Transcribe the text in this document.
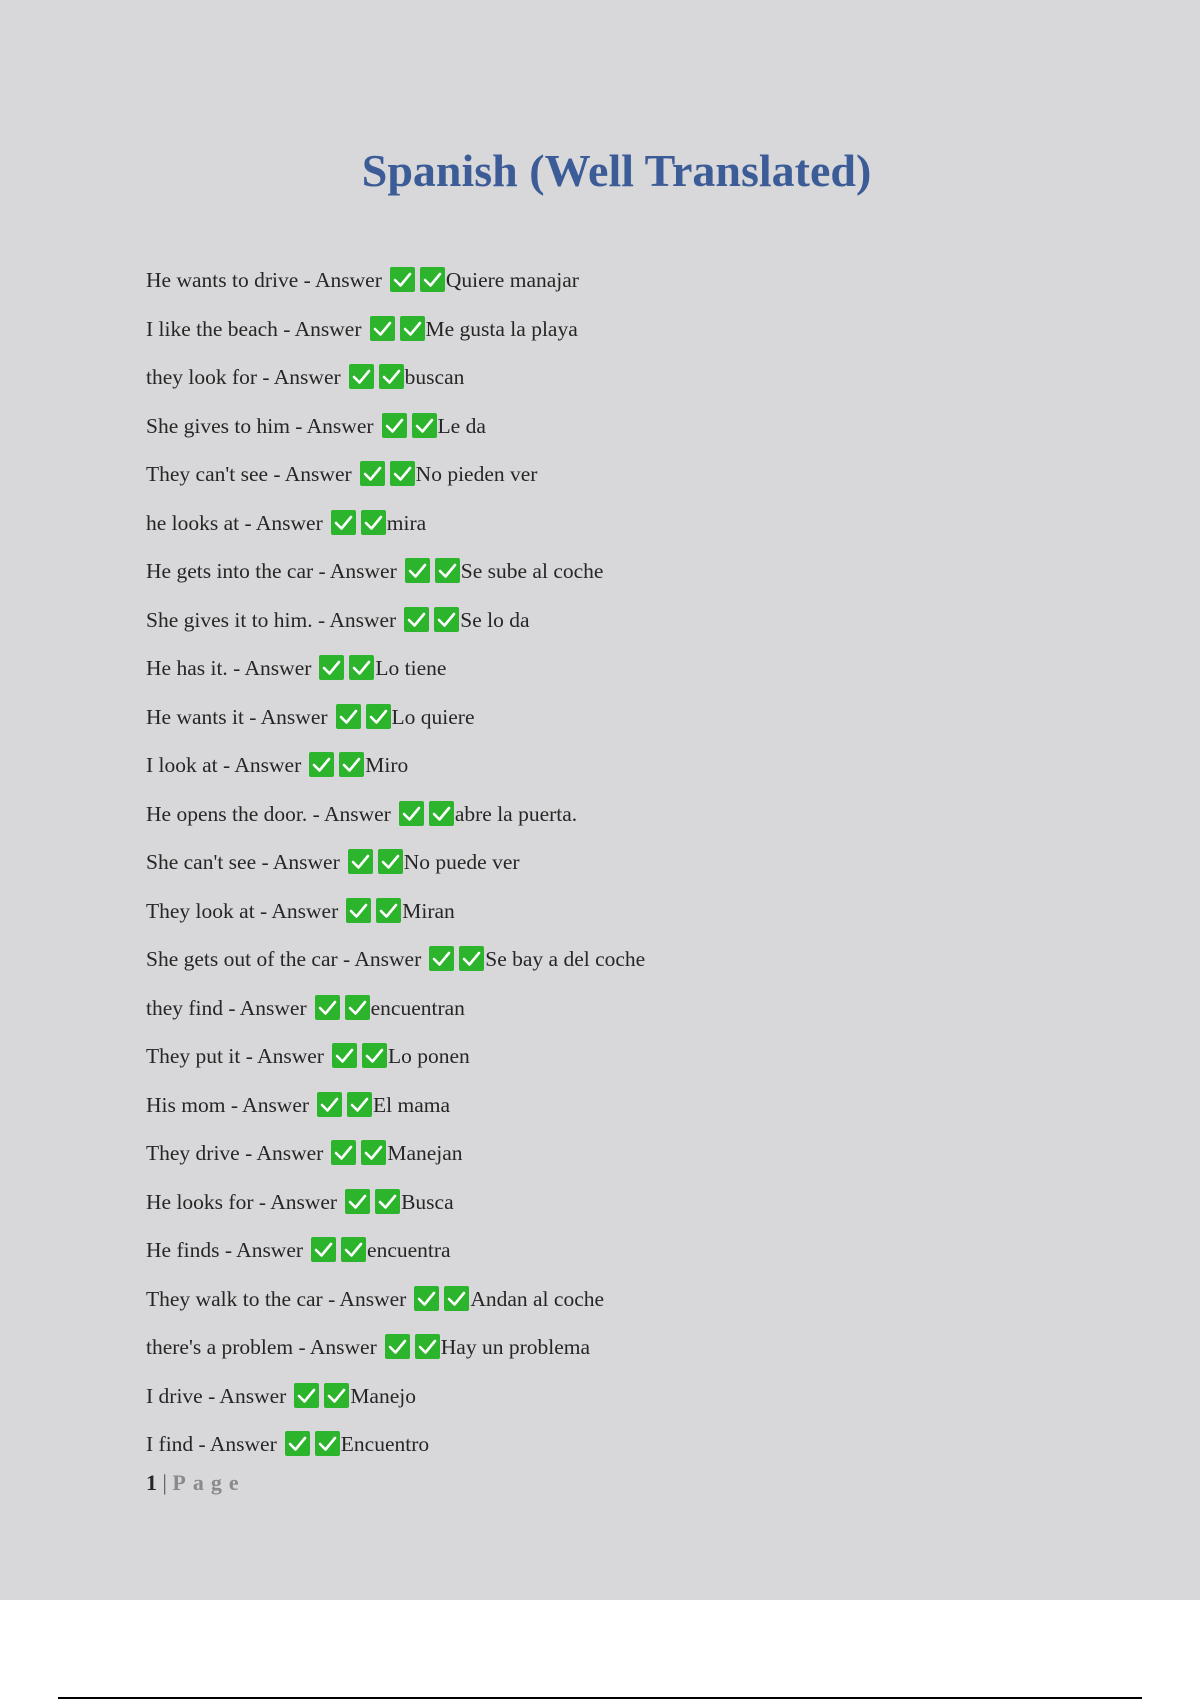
Spanish (Well Translated)
He wants to drive - Answer	Quiere manajar
I like the beach - Answer	Me gusta la playa
they look for - Answer	buscan
She gives to him - Answer	Le da
They can't see - Answer	No pieden ver
he looks at - Answer	mira
He gets into the car - Answer	Se sube al coche
She gives it to him. - Answer	Se lo da
He has it. - Answer	Lo tiene
He wants it - Answer	Lo quiere
I look at - Answer	Miro
He opens the door. - Answer	abre la puerta.
She can't see - Answer	No puede ver
They look at - Answer	Miran
She gets out of the car - Answer	Se bay a del coche
they find - Answer	encuentran
They put it - Answer	Lo ponen
His mom - Answer	El mama
They drive - Answer	Manejan
He looks for - Answer	Busca
He finds - Answer	encuentra
They walk to the car - Answer	Andan al coche
there's a problem - Answer	Hay un problema
I drive - Answer	Manejo
I find - Answer	Encuentro
1 | Page
